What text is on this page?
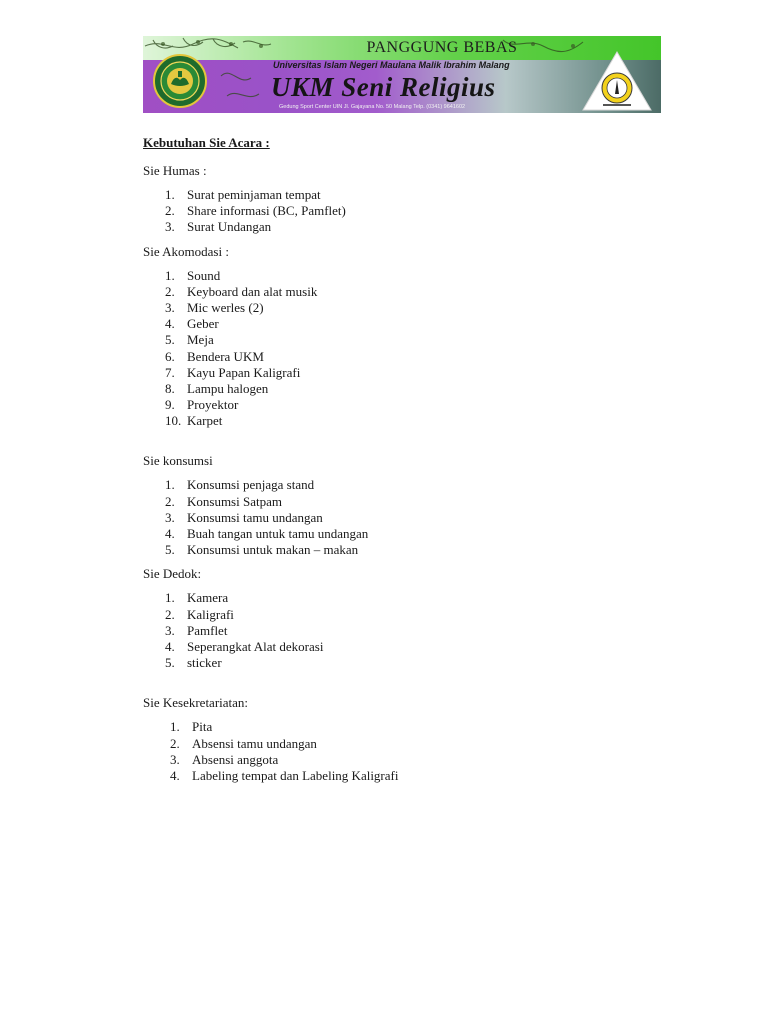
PANGGUNG BEBAS
Universitas Islam Negeri Maulana Malik Ibrahim Malang
UKM Seni Religius
Gedung Sport Center UIN Jl. Gajayana No. 50 Malang Telp. (0341) 9641602
Kebutuhan Sie Acara :
Sie Humas :
1. Surat peminjaman tempat
2. Share informasi (BC, Pamflet)
3. Surat Undangan
Sie Akomodasi :
1. Sound
2. Keyboard dan alat musik
3. Mic werles (2)
4. Geber
5. Meja
6. Bendera UKM
7. Kayu Papan Kaligrafi
8. Lampu halogen
9. Proyektor
10. Karpet
Sie konsumsi
1. Konsumsi penjaga stand
2. Konsumsi Satpam
3. Konsumsi tamu undangan
4. Buah tangan untuk tamu undangan
5. Konsumsi untuk makan – makan
Sie Dedok:
1. Kamera
2. Kaligrafi
3. Pamflet
4. Seperangkat Alat dekorasi
5. sticker
Sie Kesekretariatan:
1. Pita
2. Absensi tamu undangan
3. Absensi anggota
4. Labeling tempat dan Labeling Kaligrafi
